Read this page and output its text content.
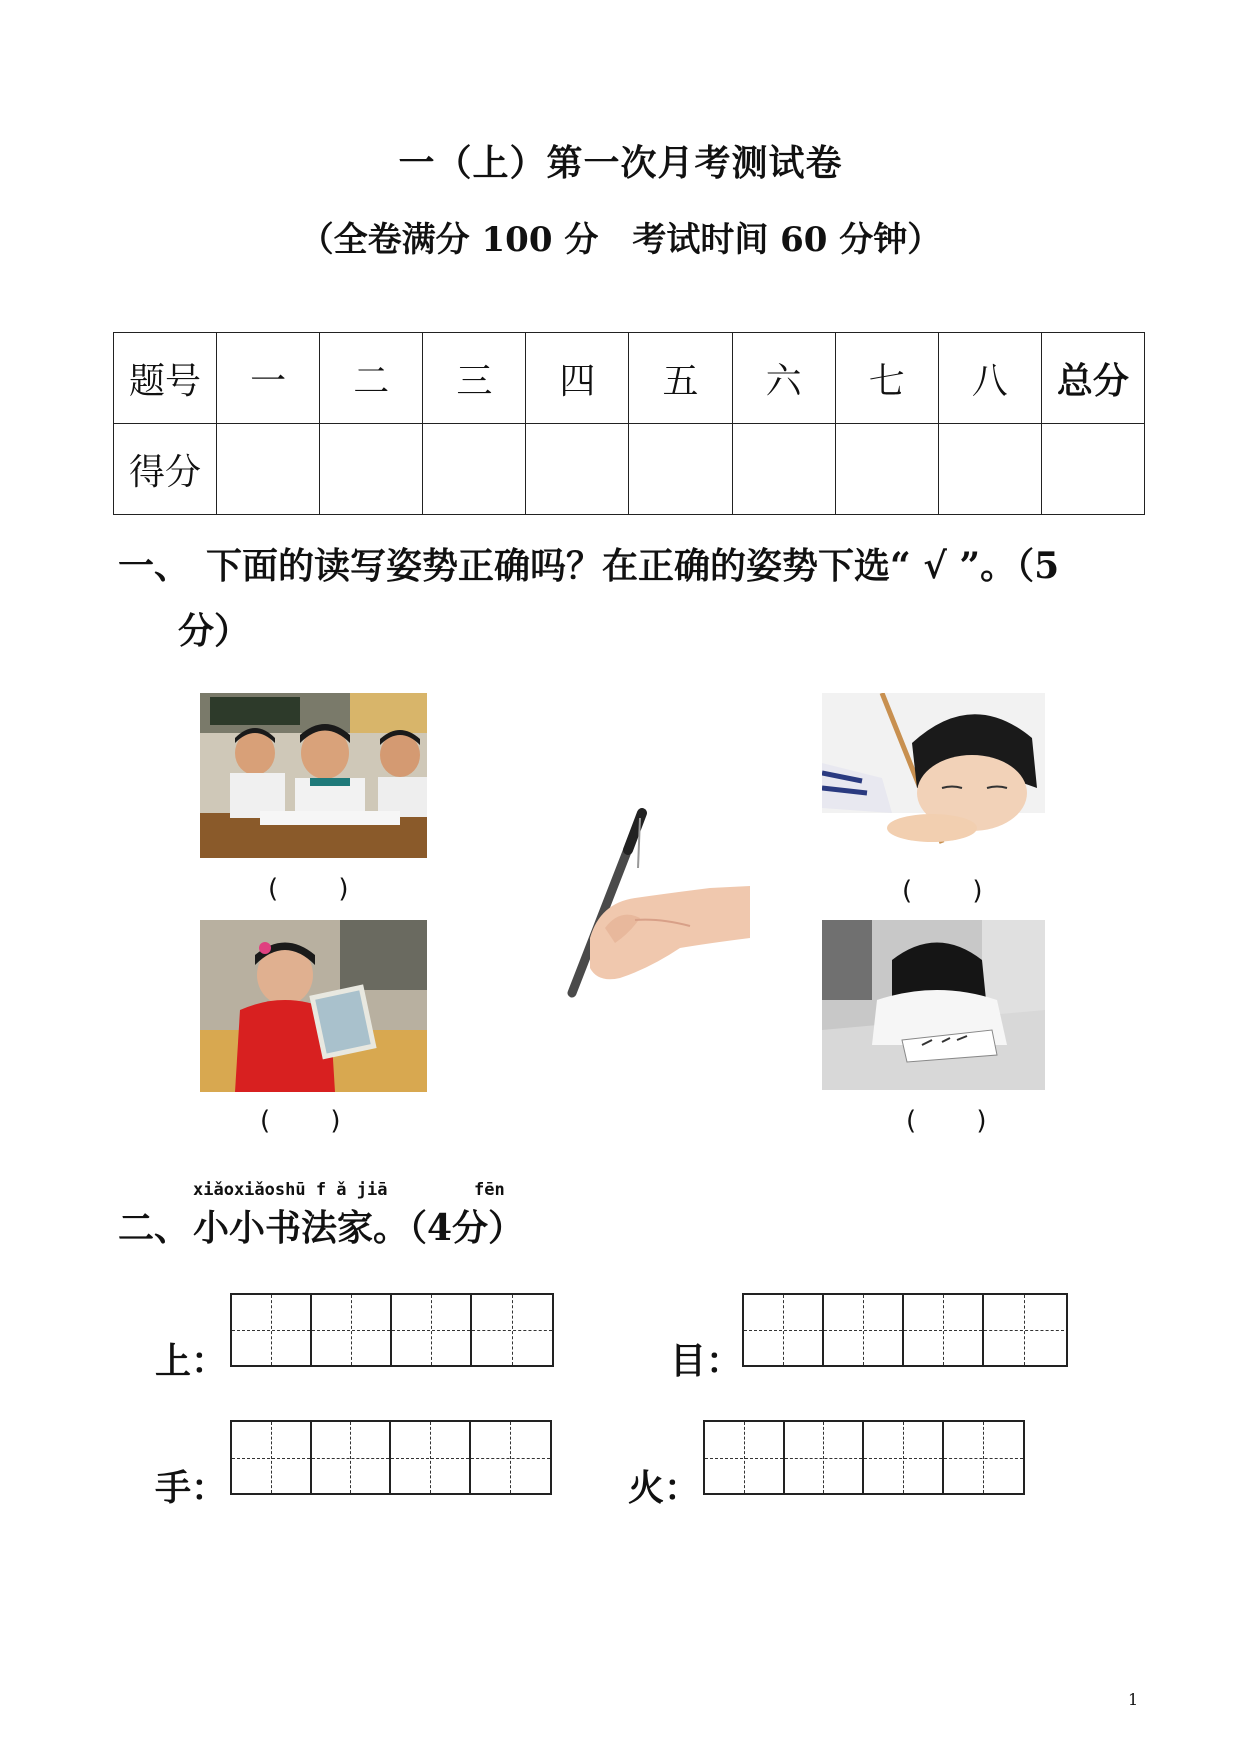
一（上）第一次月考测试卷
（全卷满分 100 分　考试时间 60 分钟）
题号	一	二	三	四	五	六	七	八	总分
得分									
一、 下面的读写姿势正确吗？在正确的姿势下选“ √ ”。（5
分）
(　　 )
(　　 )
(　　 )
(　　 )
xiǎoxiǎoshū f ǎ jiā	fēn
二、 小小书法家。（4分）
上：	目：
手：	火：
1
